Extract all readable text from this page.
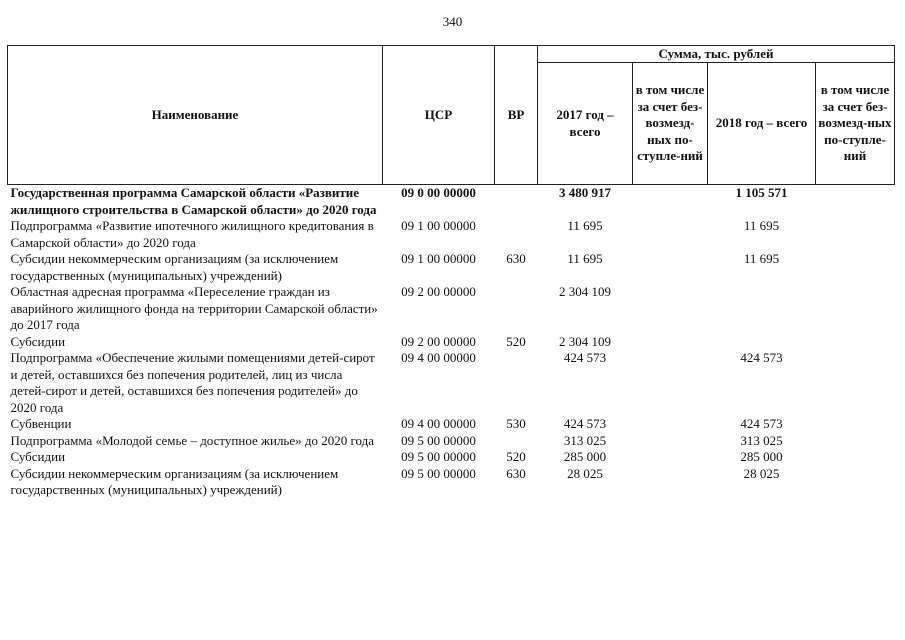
340
Наименование	ЦСР	ВР	Сумма, тыс. рублей			
			2017 год – всего	в том числе за счет без-возмезд-ных по-ступле-ний	2018 год – всего	в том числе за счет без-возмезд-ных по-ступле-ний
Государственная программа Самарской области «Развитие жилищного строительства в Самарской области» до 2020 года	09 0 00 00000		3 480 917		1 105 571	
Подпрограмма «Развитие ипотечного жилищного кредитования в Самарской области» до 2020 года	09 1 00 00000		11 695		11 695	
Субсидии некоммерческим организациям (за исключением государственных (муниципальных) учреждений)	09 1 00 00000	630	11 695		11 695	
Областная адресная программа «Переселение граждан из аварийного жилищного фонда на территории Самарской области» до 2017 года	09 2 00 00000		2 304 109			
Субсидии	09 2 00 00000	520	2 304 109			
Подпрограмма «Обеспечение жилыми помещениями детей-сирот и детей, оставшихся без попечения родителей, лиц из числа детей-сирот и детей, оставшихся без попечения родителей» до 2020 года	09 4 00 00000		424 573		424 573	
Субвенции	09 4 00 00000	530	424 573		424 573	
Подпрограмма «Молодой семье – доступное жилье» до 2020 года	09 5 00 00000		313 025		313 025	
Субсидии	09 5 00 00000	520	285 000		285 000	
Субсидии некоммерческим организациям (за исключением государственных (муниципальных) учреждений)	09 5 00 00000	630	28 025		28 025	
